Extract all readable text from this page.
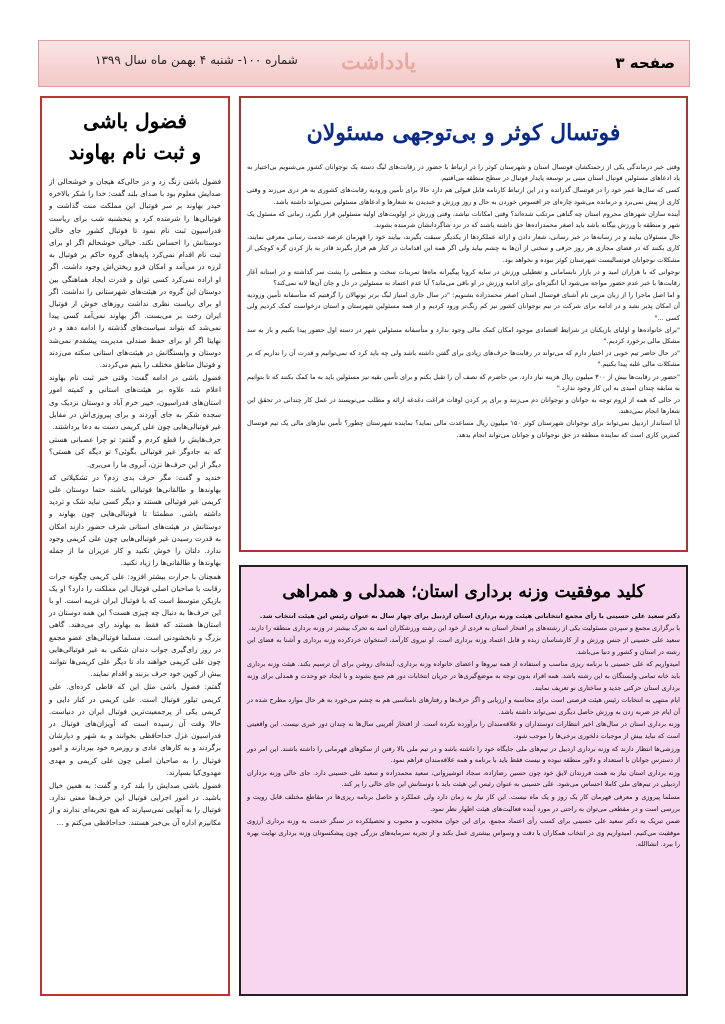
صفحه ۳
یادداشت
شماره ۱۰۰- شنبه ۴ بهمن ماه سال ۱۳۹۹
فضول باشی
و ثبت نام بهاوند

فضول باشی زنگ زد و در حالی‌که هیجان و خوشحالی از صدایش معلوم بود با صدای بلند گفت: خدا را شکر بالاخره حیدر بهاوند بر سر فوتبال این مملکت منت گذاشت و فوتبالی‌ها را شرمنده کرد و پنجشنبه شب برای ریاست فدراسیون ثبت نام نمود تا فوتبال کشور جای خالی دوستانش را احساس نکند. خیالی خوشحالم اگر او برای ثبت نام اقدام نمی‌کرد پایه‌های گروه حاکم بر فوتبال به لرزه در می‌آمد و امکان فرو ریختن‌اش وجود داشت. اگر او اراده نمی‌کرد کسی توان و قدرت ایجاد هماهنگی بین دوستان این گروه در هیئت‌های شهرستانی را نداشت. اگر او برای ریاست نظری نداشت روزهای خوش از فوتبال ایران رخت بر می‌بست. اگر بهاوند نمی‌آمد کسی پیدا نمی‌شد که بتواند سیاست‌های گذشته را ادامه دهد و در نهایتا اگر او برای حفظ صندلی مدیریت پیشقدم نمی‌شد دوستان و وابستگانش در هیئت‌های استانی سکته می‌زدند و فوتبال مناطق مختلف را یتیم می‌کردند.

فضول باشی در ادامه گفت: وقتی خبر ثبت نام بهاوند اعلام شد علاوه بر هیئت‌های استانی و کمیته امور استان‌های فدراسیون، خیبر خرم آباد و دوستان نزدیک وی سجده شکر به جای آوردند و برای پیروزی‌اش در مقابل غیر فوتبالی‌هایی چون علی کریمی دست به دعا برداشتند.

حرف‌هایش را قطع کردم و گفتم: تو چرا عصبانی هستی که به جادوگر غیر فوتبالی بگوئی؟ تو دیگه کی هستی؟ دیگر از این حرف‌ها نزن، آبروی ما را می‌بری.

خندید و گفت: مگر حرف بدی زدم؟ در تشکیلاتی که بهاوند‌ها و طالقانی‌ها فوتبالی باشند حتما دوستان علی کریمی غیر فوتبالی هستند و دیگر کسی نباید شک و تردید داشته باشی. مطمئنا تا فوتبالی‌هایی چون بهاوند و دوستانش در هیئت‌های استانی شرف حضور دارند امکان به قدرت رسیدن غیر فوتبالی‌هایی چون علی کریمی وجود ندارد. دلتان را خوش نکنید و کار عزیزان ما از جمله بهاوندها و طالقانی‌ها را زیاد نکنید.

همچنان با حرارت بیشتر افزود: علی کریمی چگونه جرات رقابت با صاحبان اصلی فوتبال این مملکت را دارد؟ او یک بازیکن متوسط است که با فوتبال ایران غریبه است. او با این حرف‌ها به دنبال چه چیزی هست؟ این همه دوستان در استان‌ها هستند که فقط به بهاوند رای می‌دهند. گاهی بزرگ و نابخشودنی است. مسلما فوتبالی‌های عضو مجمع در روز رای‌گیری جواب دندان شکنی به غیر فوتبالی‌هایی چون علی کریمی خواهند داد تا دیگر علی کریمی‌ها نتوانند بیش از کوپن خود حرف بزنند و اقدام نمایند.

گفتم: فضول باشی مثل این که قاطی کرده‌ای. علی کریمی تیلور فوتبال است. علی کریمی در کنار دایی و کریمی یکی از پرجمعیت‌ترین فوتبال ایران در دنیاست. حالا وقت آن رسیده است که آویزان‌های فوتبال در فدراسیون غزل خداحافظی بخوانند و به شهر و دیارشان برگردند و به کارهای عادی و روزمره خود بپردازند و امور فوتبال را به صاحبان اصلی چون علی کریمی و مهدی مهدوی‌کیا بسپارند.

فضول باشی صدایش را بلند کرد و گفت: به همین خیال باشید. در امور اجرایی فوتبال این حرف‌ها معنی ندارد. فوتبال را به آنهایی نمی‌سپارند که هیچ تجربه‌ای ندارند و از مکانیزم اداره آن بی‌خبر هستند. خداحافظی می‌کنم و ...

فوتسال کوثر و بی‌توجهی مسئولان

وقتی خبر درماندگی یکی از زحمتکشان فوتسال استان و شهرستان کوثر را در ارتباط با حضور در رقابت‌های لیگ دسته یک نوجوانان کشور می‌شنویم بی‌اختیار به یاد ادعاهای مسئولین فوتبال استان مبنی بر توسعه پایدار فوتبال در سطح منطقه می‌افتیم.

کسی که سال‌ها عمر خود را در فوتسال گذرانده و در این ارتباط کارنامه قابل قبولی هم دارد حالا برای تأمین ورودیه رقابت‌های کشوری به هر دری می‌زند و وقتی کاری از پیش نمی‌برد و درمانده می‌شود چاره‌ای جز افسوس خوردن به حال و روز ورزش و خندیدن به شعارها و ادعاهای مسئولین نمی‌تواند داشته باشد.

آینده سازان شهرهای محروم استان چه گناهی مرتکب شده‌اند؟ وقتی امکانات نباشد، وقتی ورزش در اولویت‌های اولیه مسئولین قرار نگیرد، زمانی که مسئول یک شهر و منطقه با ورزش بیگانه باشد باید اصغر محمدزاده‌ها حق داشته باشند که در نزد شاگردانشان شرمنده بشوند.

حال مسئولان بیایند و در رسانه‌ها در خبر رسانی، شعار دادن و ارائه عملکردها از یکدیگر سبقت بگیرند، بیایند خود را قهرمان عرصه خدمت رسانی معرفی نمایند، کاری بکنند که در فضای مجازی هر روز حرفی و سخنی از آن‌ها به چشم بیاید ولی اگر همه این اقدامات در کنار هم قرار بگیرند قادر به باز کردن گره کوچکی از مشکلات نوجوانان فوتسالیست شهرستان کوثر نبوده و نخواهد بود.

نوجوانی که با هزاران امید و در بازار نابسامانی و تعطیلی ورزش در سایه کرونا پیگیرانه ماه‌ها تمرینات سخت و منظمی را پشت سر گذاشته و در استانه آغاز رقابت‌ها با خبر عدم حضور مواجه می‌شود آیا انگیزه‌ای برای ادامه ورزش در او باقی می‌ماند؟ آیا عدم اعتماد به مسئولین در دل و جان آن‌ها لانه نمی‌کند؟

و اما اصل ماجرا را از زبان مربی نام آشنای فوتسال استان اصغر محمدزاده بشنویم: "در سال جاری امتیاز لیگ برتر نونهالان را گرفتیم که متأسفانه تأمین ورودیه آن امکان پذیر نشد و در ادامه برای شرکت در تیم نوجوانان کشور نیز کم رنگ‌تر ورود کردیم و از همه مسئولین شهرستان و استان درخواست کمک کردیم ولی کسی ..."

"برای خانواده‌ها و اولیای بازیکنان در شرایط اقتصادی موجود امکان کمک مالی وجود ندارد و متأسفانه مسئولین شهر در دسته اول حضور پیدا بکنیم و باز به سد مشکل مالی برخورد کردیم."

"در حال حاضر تیم خوبی در اختیار دارم که می‌تواند در رقابت‌ها حرف‌های زیادی برای گفتن داشته باشد ولی چه باید کرد که نمی‌توانیم و قدرت آن را نداریم که بر مشکلات مالی غلبه پیدا بکنیم."

"حضور در رقابت‌ها بیش از ۳۰۰ میلیون ریال هزینه نیاز دارد. من حاضرم که نصف آن را تقبل بکنم و برای تأمین بقیه نیز مسئولین باید به ما کمک بکنند که تا بتوانیم به سابقه چندان امیدی به این کار وجود ندارد."

در حالی که همه از لزوم توجه به جوانان و نوجوانان دم می‌زنند و برای پر کردن اوقات فراغت دغدغه ارائه و مطلب می‌نویسند در عمل کار چندانی در تحقق این شعارها انجام نمی‌دهند.

آیا استاندار اردبیل نمی‌تواند برای نوجوانان شهرستان کوثر ۱۵۰ میلیون ریال مساعدت مالی نماید؟ نماینده شهرستان چطور؟ تأمین نیازهای مالی یک تیم فوتسال کمترین کاری است که نماینده منطقه در حق نوجوانان و جوانان می‌تواند انجام بدهد.

کلید موفقیت وزنه برداری استان؛ همدلی و همراهی
دکتر سعید علی حسینی با رأی مجمع انتخاباتی هیئت وزنه برداری استان اردبیل برای چهار سال به عنوان رئیس این هیئت انتخاب شد.

با برگزاری مجمع و سپردن مسئولیت یکی از رشته‌های پر افتخار استان به فردی از خود این رشته ورزشکاران امید به تحرک بیشتر در وزنه برداری منطقه را دارند.

سعید علی حسینی از جنس ورزش و از کارشناسان زبده و قابل اعتماد وزنه برداری است. او نیروی کارآمد، استخوان خردکرده وزنه برداری و آشنا به فضای این رشته در استان و کشور و دنیا می‌باشد.

امیدواریم که علی حسینی با برنامه ریزی مناسب و استفاده از همه نیروها و اعضای خانواده وزنه برداری، آینده‌ای روشن برای آن ترسیم بکند. هیئت وزنه برداری باید خانه تمامی وابستگان به این رشته باشد. همه افراد بدون توجه به موضع‌گیری‌ها در جریان انتخابات دور هم جمع بشوند و با ایجاد جو وحدت و همدلی برای وزنه برداری استان حرکتی جدید و ساختاری نو تعریف نمایند.

ایام منتهی به انتخابات رئیس هیئت فرصتی است برای محاسبه و ارزیابی و اگر حرف‌ها و رفتارهای نامناسبی هم به چشم می‌خورد به هر حال موارد مطرح شده در آن ایام جز ضربه زدن به ورزش حاصل دیگری نمی‌تواند داشته باشد.

وزنه برداری استان در سال‌های اخیر انتظارات دوستداران و علاقه‌مندان را برآورده نکرده است. از افتخار آفرینی سال‌ها نه چندان دور خبری نیست. این واقعیتی است که نباید بیش از موجبات دلخوری برخی‌ها را موجب شود.

ورزشی‌ها انتظار دارند که وزنه برداری اردبیل در تیم‌های ملی جایگاه خود را داشته باشد و در تیم ملی بالا رفتن از سکوهای قهرمانی را داشته باشند. این امر دور از دسترس جوانان با استعداد و دلاور منطقه نبوده و نیست فقط باید با برنامه و همه علاقه‌مندان فراهم نمود.

وزنه برداری استان نیاز به همت فرزندان لایق خود چون حسین رضازاده، سجاد انوشیروانی، سعید محمدزاده و سعید علی حسینی دارد. جای خالی وزنه برداران اردبیلی در تیم‌های ملی کاملا احساس می‌شود. علی حسینی به عنوان رئیس این هیئت باید با دوستانش این جای خالی را پر کند.

مسلما پیروزی و معرفی قهرمان کار یک روز و یک ماه نیست. این کار نیاز به زمان دارد ولی عملکرد و حاصل برنامه ریزی‌ها در مقاطع مختلف قابل رویت و بررسی است و در مقطعی می‌توان به راحتی در مورد آینده فعالیت‌های هیئت اظهار نظر نمود.

ضمن تبریک به دکتر سعید علی حسینی برای کسب رأی اعتماد مجمع، برای این جوان محجوب و محبوب و تحصیلکرده در سنگر خدمت به وزنه برداری آرزوی موفقیت می‌کنیم. امیدواریم وی در انتخاب همکاران با دقت و وسواس بیشتری عمل بکند و از تجربه سرمایه‌های بزرگی چون پیشکسوتان وزنه برداری نهایت بهره را ببرد. انشاالله.
